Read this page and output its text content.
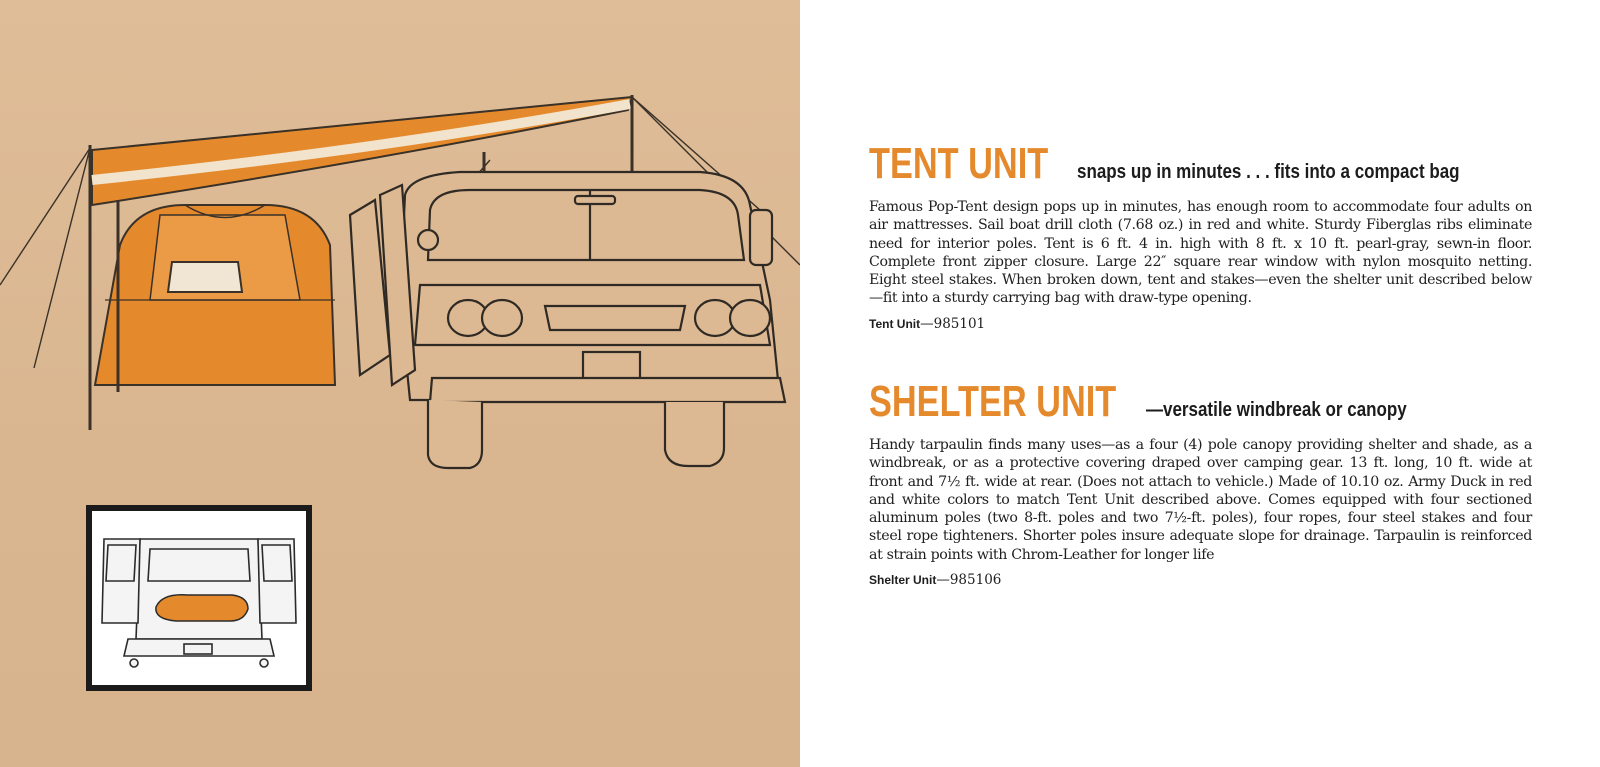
TENT UNIT snaps up in minutes . . . fits into a compact bag

Famous Pop-Tent design pops up in minutes, has enough room to accommodate four adults on air mattresses. Sail boat drill cloth (7.68 oz.) in red and white. Sturdy Fiberglas ribs eliminate need for interior poles. Tent is 6 ft. 4 in. high with 8 ft. x 10 ft. pearl-gray, sewn-in floor. Complete front zipper closure. Large 22″ square rear window with nylon mosquito netting. Eight steel stakes. When broken down, tent and stakes—even the shelter unit described below—fit into a sturdy carrying bag with draw-type opening.

Tent Unit—985101

SHELTER UNIT —versatile windbreak or canopy

Handy tarpaulin finds many uses—as a four (4) pole canopy providing shelter and shade, as a windbreak, or as a protective covering draped over camping gear. 13 ft. long, 10 ft. wide at front and 7½ ft. wide at rear. (Does not attach to vehicle.) Made of 10.10 oz. Army Duck in red and white colors to match Tent Unit described above. Comes equipped with four sectioned aluminum poles (two 8-ft. poles and two 7½-ft. poles), four ropes, four steel stakes and four steel rope tighteners. Shorter poles insure adequate slope for drainage. Tarpaulin is reinforced at strain points with Chrom-Leather for longer life

Shelter Unit—985106
